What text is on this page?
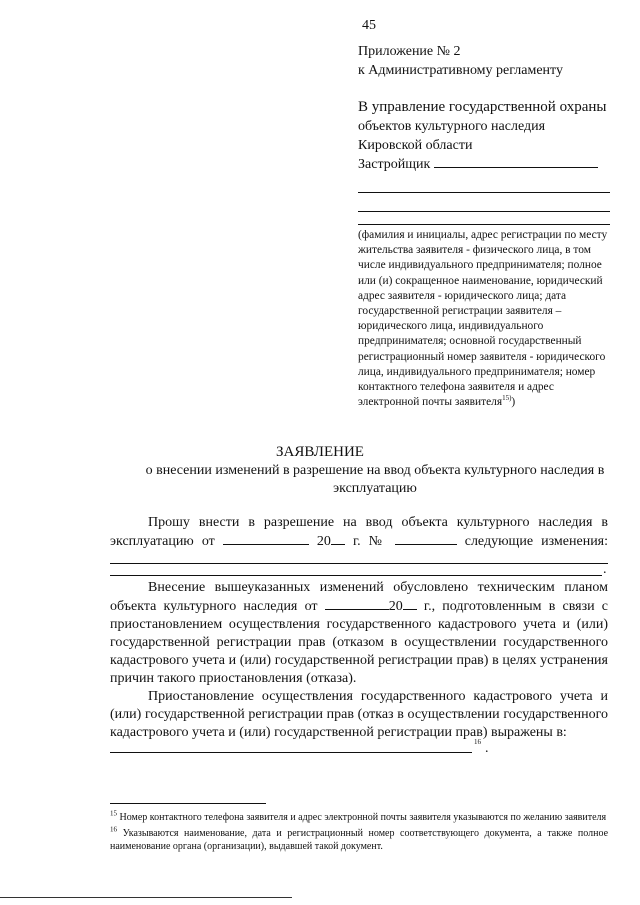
45
Приложение № 2
к Административному регламенту
В управление государственной охраны
объектов культурного наследия
Кировской области
Застройщик
(фамилия и инициалы, адрес регистрации по месту жительства заявителя - физического лица, в том числе индивидуального предпринимателя; полное или (и) сокращенное наименование, юридический адрес заявителя - юридического лица; дата государственной регистрации заявителя – юридического лица, индивидуального предпринимателя; основной государственный регистрационный номер заявителя - юридического лица, индивидуального предпринимателя; номер контактного телефона заявителя и адрес электронной почты заявителя$^{15)}$)
ЗАЯВЛЕНИЕ
о внесении изменений в разрешение на ввод объекта культурного наследия в эксплуатацию

Прошу внести в разрешение на ввод объекта культурного наследия в

эксплуатацию от	20 г. №	следующие изменения:

.

Внесение вышеуказанных изменений обусловлено техническим планом объекта культурного наследия от	20 г., подготовленным в связи с приостановлением осуществления государственного кадастрового учета и (или) государственной регистрации прав (отказом в осуществлении государственного кадастрового учета и (или) государственной регистрации прав) в целях устранения причин такого приостановления (отказа).

Приостановление осуществления государственного кадастрового учета и (или) государственной регистрации прав (отказ в осуществлении государственного кадастрового учета и (или) государственной регистрации прав) выражены в:

16 .

$^{15}$ Номер контактного телефона заявителя и адрес электронной почты заявителя указываются по желанию заявителя

$^{16}$ Указываются наименование, дата и регистрационный номер соответствующего документа, а также полное наименование органа (организации), выдавшей такой документ.
